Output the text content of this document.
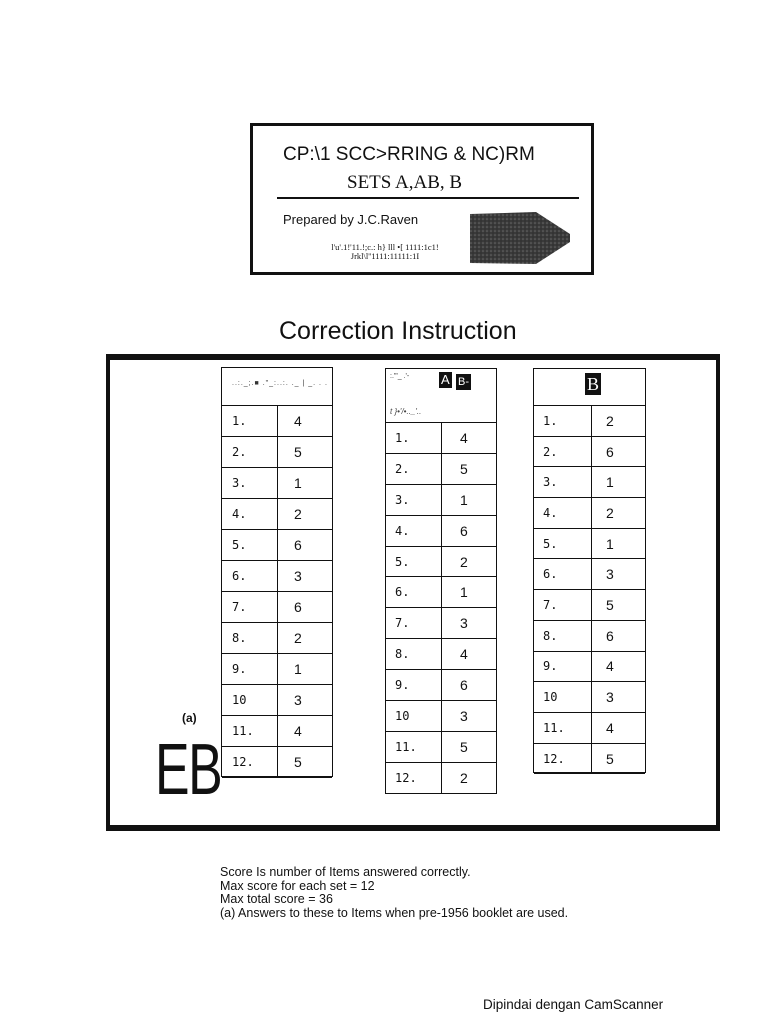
CP:\1 SCC>RRING & NC)RM
SETS A,AB, B
Prepared by J.C.Raven
l'u'.1!'11.!;c.: h} lll •[ 1111:1c1!
Jrkl\l''1111:11111:1I
Correction Instruction
..:._;.■ ."_:..:. ._ | _. . .
1.	4
2.	5
3.	1
4.	2
5.	6
6.	3
7.	6
8.	2
9.	1
10	3
11.	4
12.	5
:.'"_ .'- A B-
t }•'/•.._'..
1.	4
2.	5
3.	1
4.	6
5.	2
6.	1
7.	3
8.	4
9.	6
10	3
11.	5
12.	2
B
1.	2
2.	6
3.	1
4.	2
5.	1
6.	3
7.	5
8.	6
9.	4
10	3
11.	4
12.	5
(a)
EB
Score Is number of Items answered correctly.
Max score for each set = 12
Max total score = 36
(a) Answers to these to Items when pre-1956 booklet are used.
Dipindai dengan CamScanner
